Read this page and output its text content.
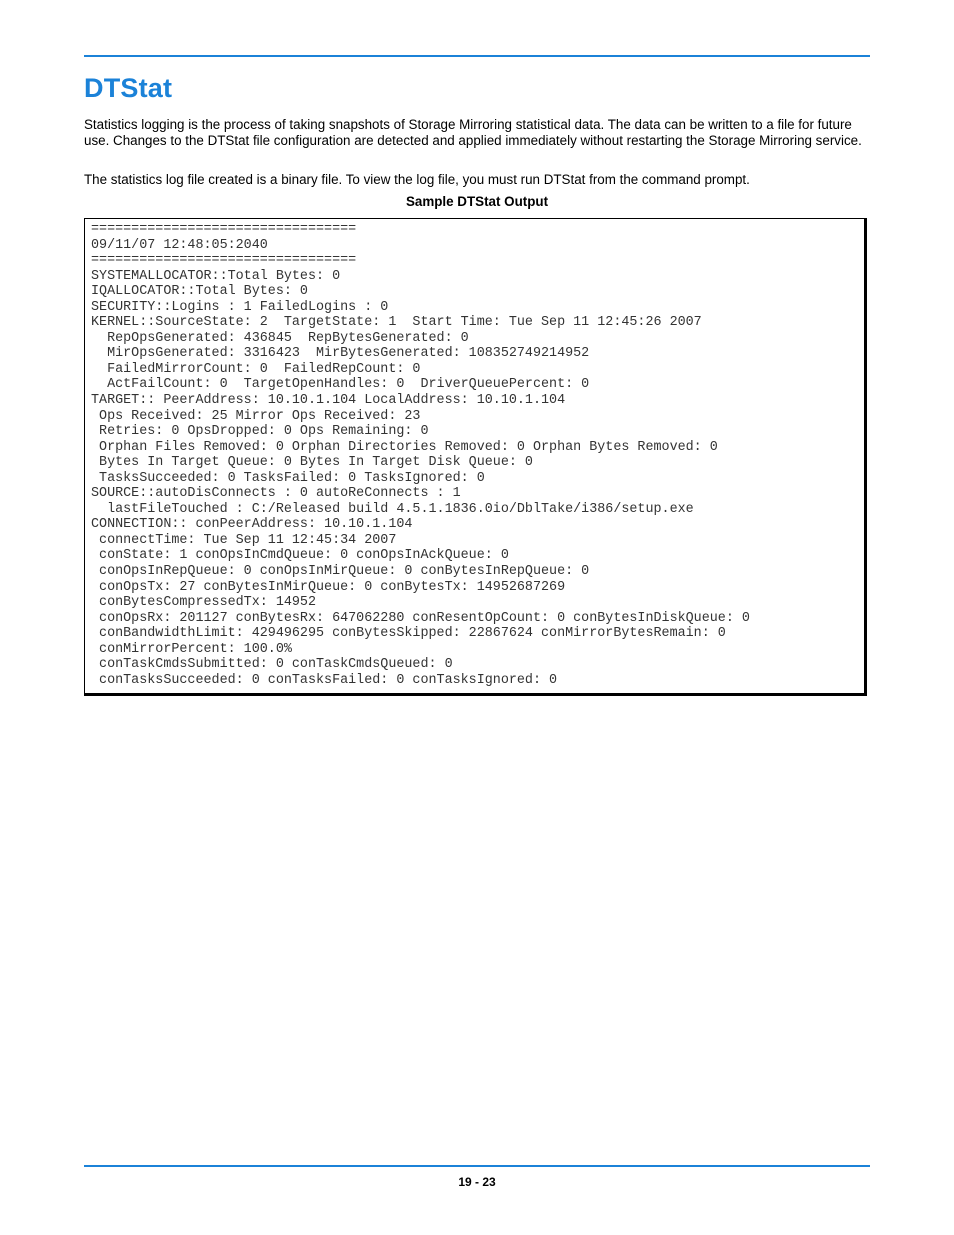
DTStat

Statistics logging is the process of taking snapshots of Storage Mirroring statistical data. The data can be written to a file for future use. Changes to the DTStat file configuration are detected and applied immediately without restarting the Storage Mirroring service.

The statistics log file created is a binary file. To view the log file, you must run DTStat from the command prompt.

Sample DTStat Output

=================================
09/11/07 12:48:05:2040
=================================
SYSTEMALLOCATOR::Total Bytes: 0
IQALLOCATOR::Total Bytes: 0
SECURITY::Logins : 1 FailedLogins : 0
KERNEL::SourceState: 2  TargetState: 1  Start Time: Tue Sep 11 12:45:26 2007
RepOpsGenerated: 436845  RepBytesGenerated: 0
MirOpsGenerated: 3316423  MirBytesGenerated: 108352749214952
FailedMirrorCount: 0  FailedRepCount: 0
ActFailCount: 0  TargetOpenHandles: 0  DriverQueuePercent: 0
TARGET:: PeerAddress: 10.10.1.104 LocalAddress: 10.10.1.104
Ops Received: 25 Mirror Ops Received: 23
Retries: 0 OpsDropped: 0 Ops Remaining: 0
Orphan Files Removed: 0 Orphan Directories Removed: 0 Orphan Bytes Removed: 0
Bytes In Target Queue: 0 Bytes In Target Disk Queue: 0
TasksSucceeded: 0 TasksFailed: 0 TasksIgnored: 0
SOURCE::autoDisConnects : 0 autoReConnects : 1
lastFileTouched : C:/Released build 4.5.1.1836.0io/DblTake/i386/setup.exe
CONNECTION:: conPeerAddress: 10.10.1.104
connectTime: Tue Sep 11 12:45:34 2007
conState: 1 conOpsInCmdQueue: 0 conOpsInAckQueue: 0
conOpsInRepQueue: 0 conOpsInMirQueue: 0 conBytesInRepQueue: 0
conOpsTx: 27 conBytesInMirQueue: 0 conBytesTx: 14952687269
conBytesCompressedTx: 14952
conOpsRx: 201127 conBytesRx: 647062280 conResentOpCount: 0 conBytesInDiskQueue: 0
conBandwidthLimit: 429496295 conBytesSkipped: 22867624 conMirrorBytesRemain: 0
conMirrorPercent: 100.0%
conTaskCmdsSubmitted: 0 conTaskCmdsQueued: 0
conTasksSucceeded: 0 conTasksFailed: 0 conTasksIgnored: 0

19 - 23
